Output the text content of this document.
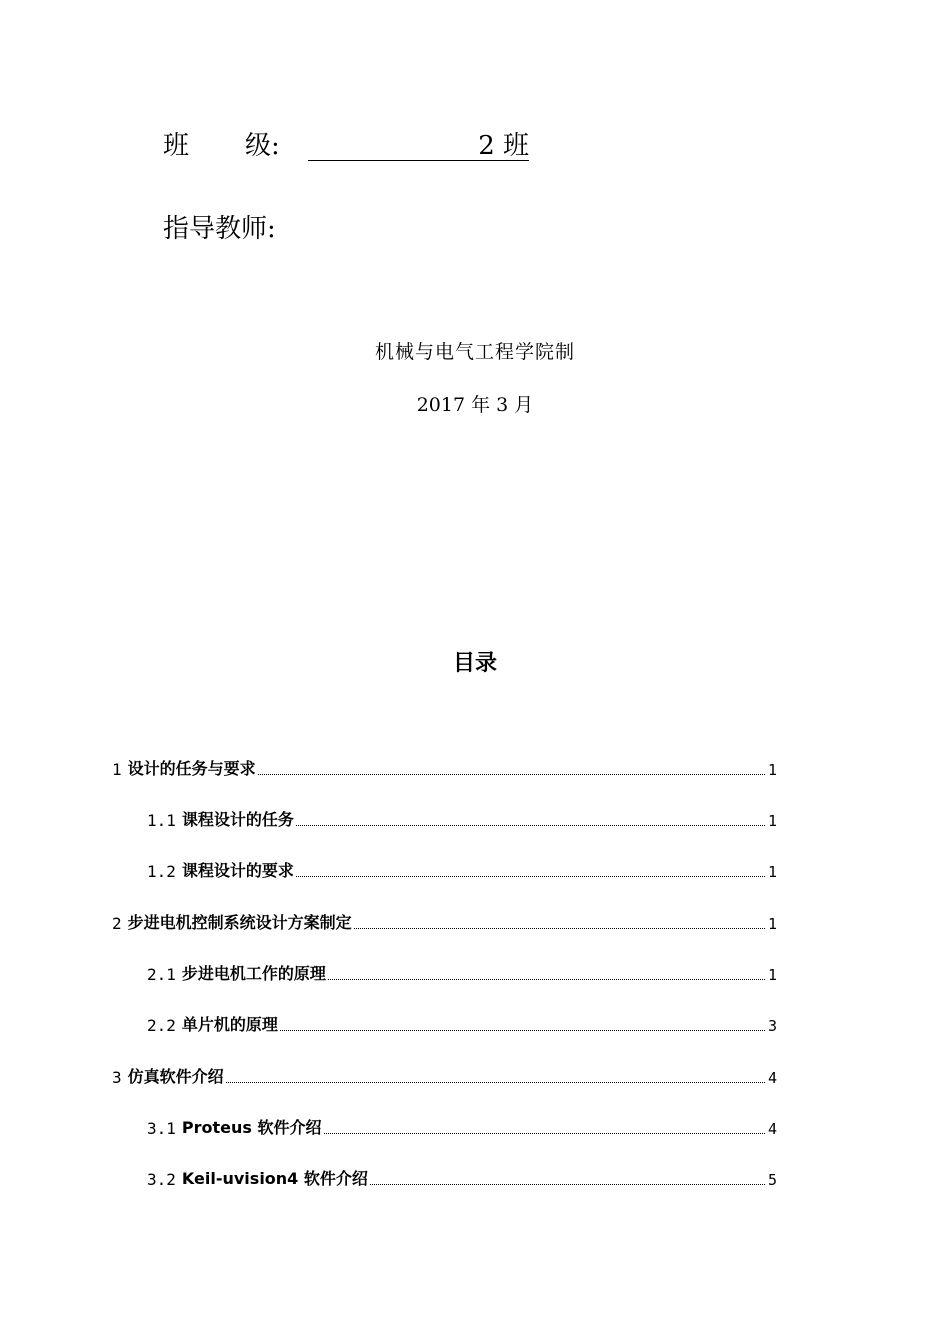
班 级:	2 班
指导教师:
机械与电气工程学院制
2017 年 3 月
目录
1 设计的任务与要求	1
1.1 课程设计的任务	1
1.2 课程设计的要求	1
2 步进电机控制系统设计方案制定	1
2.1 步进电机工作的原理	1
2.2 单片机的原理	3
3 仿真软件介绍	4
3.1 Proteus 软件介绍	4
3.2 Keil-uvision4 软件介绍	5
